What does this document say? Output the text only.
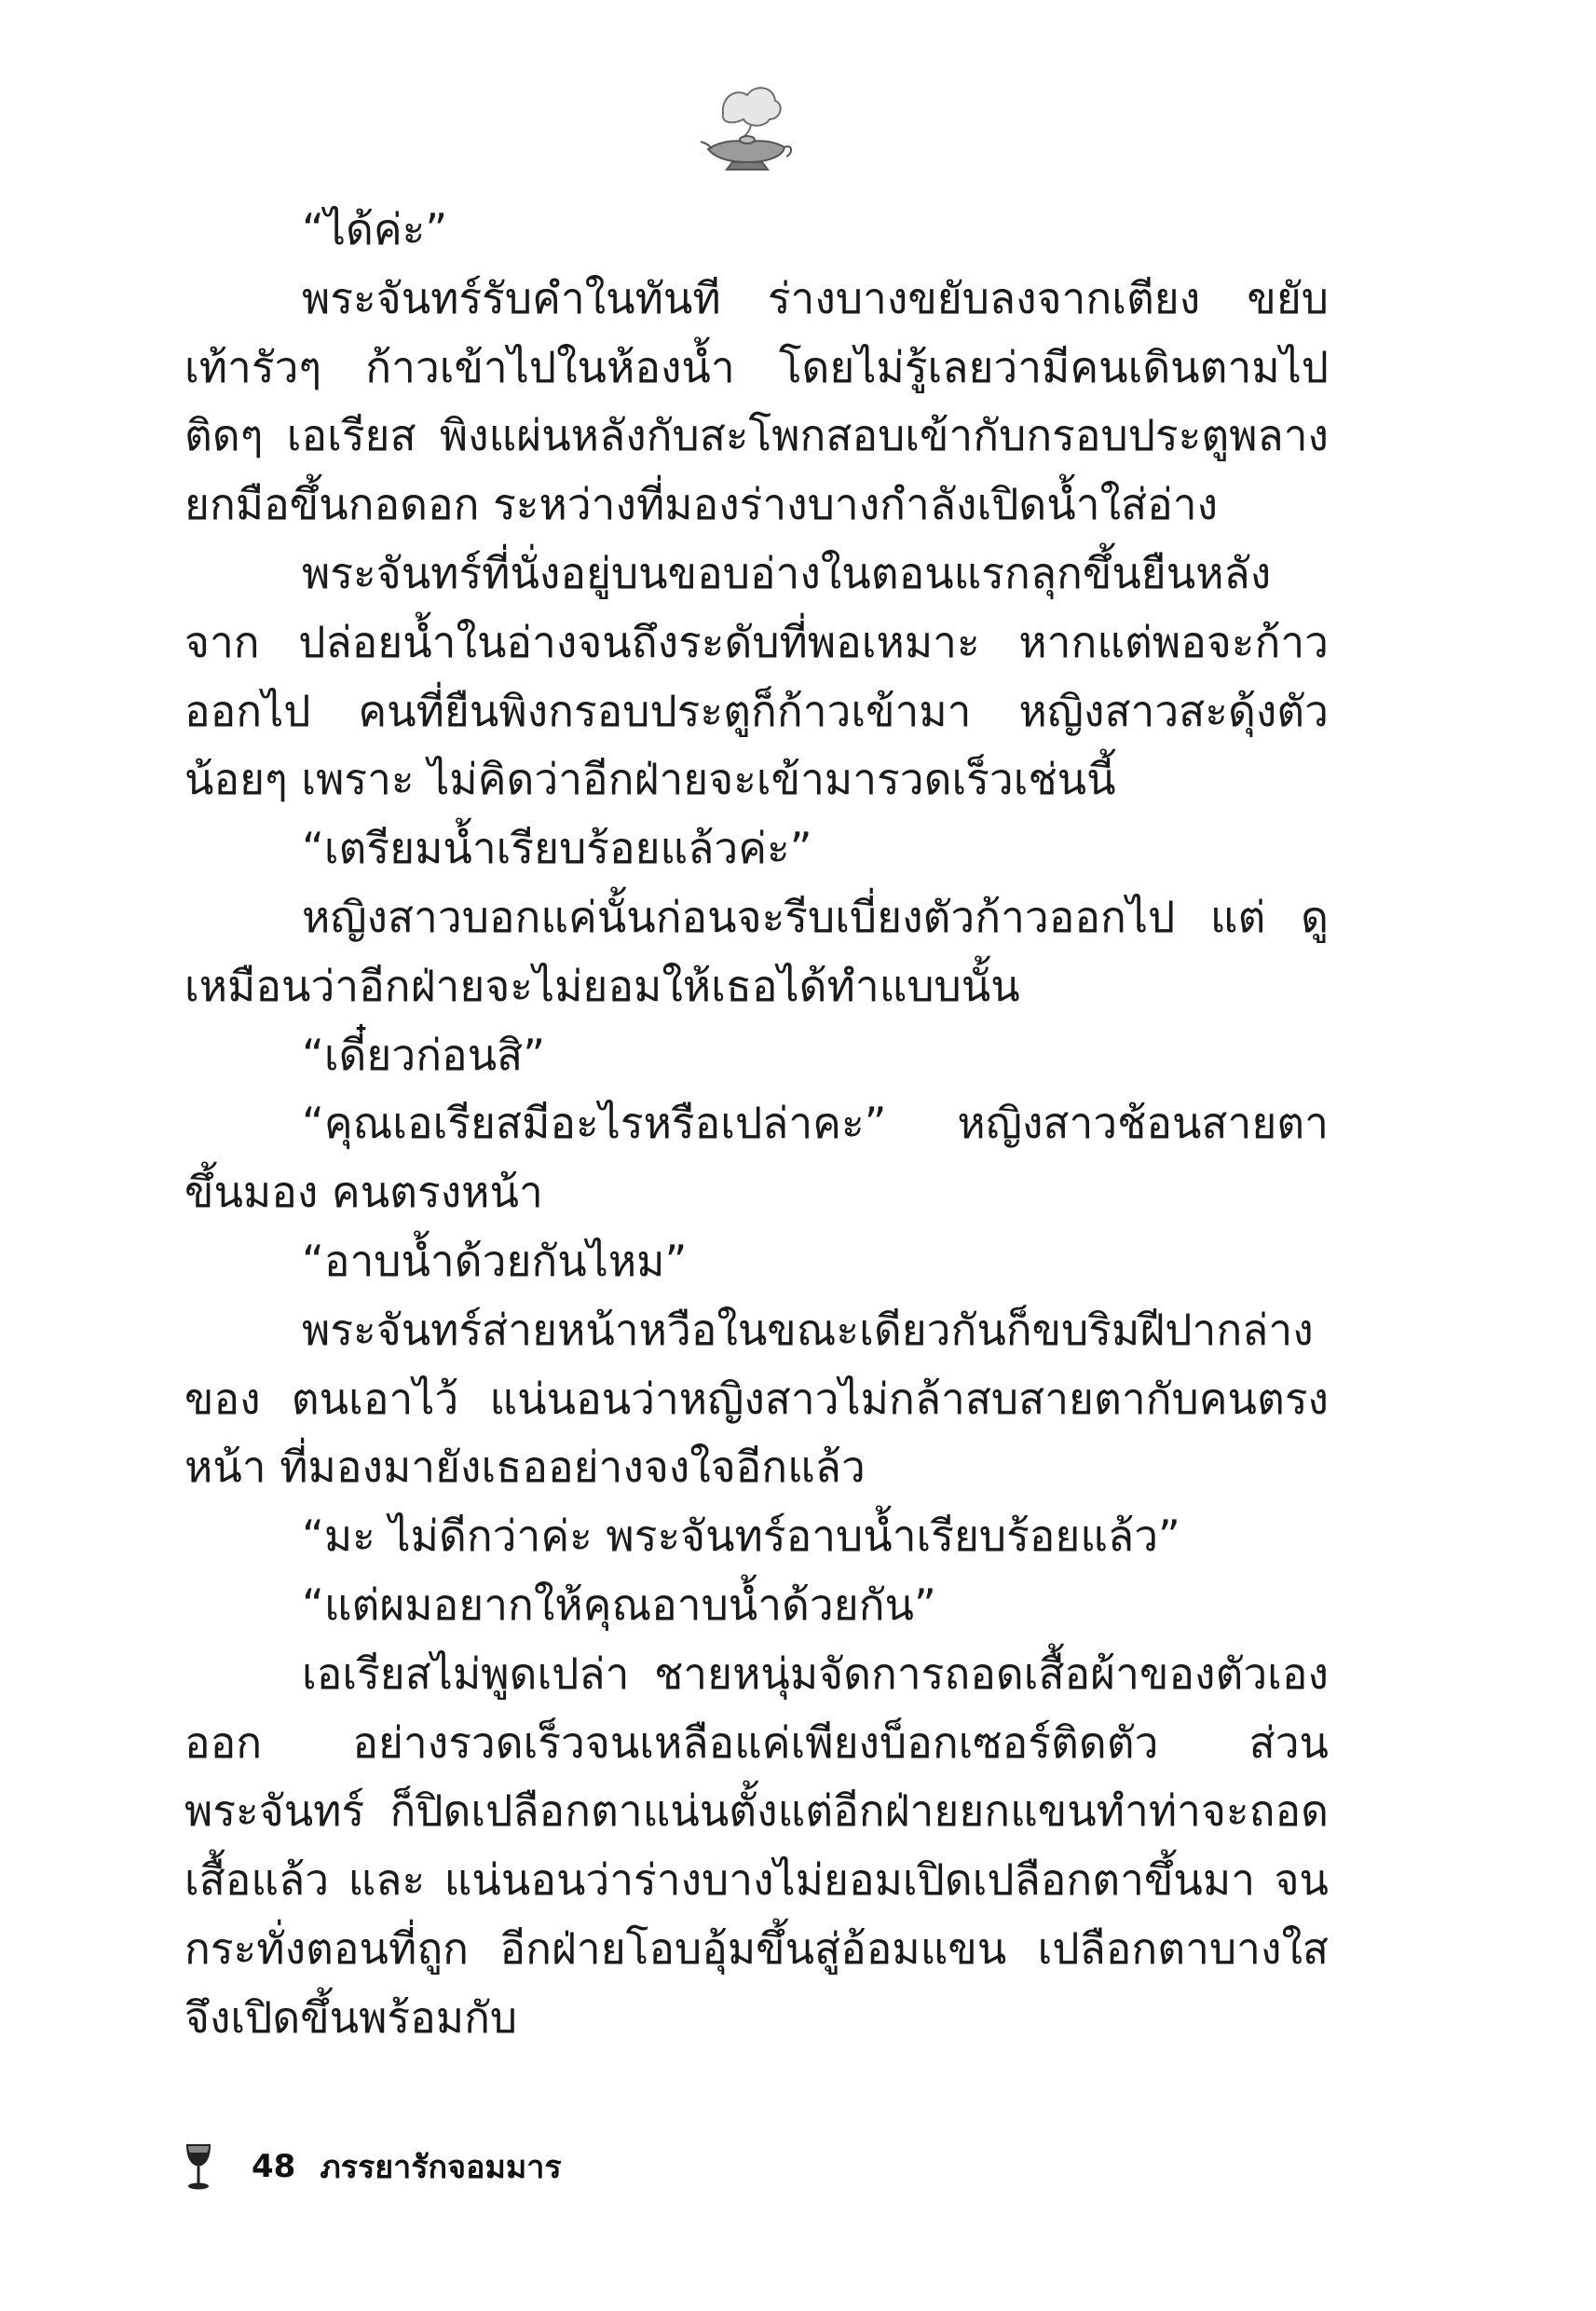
“ได้ค่ะ”

พระจันทร์รับคำในทันที ร่างบางขยับลงจากเตียง ขยับเท้ารัวๆ ก้าวเข้าไปในห้องน้ำ โดยไม่รู้เลยว่ามีคนเดินตามไปติดๆ เอเรียส พิงแผ่นหลังกับสะโพกสอบเข้ากับกรอบประตูพลางยกมือขึ้นกอดอก ระหว่างที่มองร่างบางกำลังเปิดน้ำใส่อ่าง

พระจันทร์ที่นั่งอยู่บนขอบอ่างในตอนแรกลุกขึ้นยืนหลังจาก ปล่อยน้ำในอ่างจนถึงระดับที่พอเหมาะ หากแต่พอจะก้าวออกไป คนที่ยืนพิงกรอบประตูก็ก้าวเข้ามา หญิงสาวสะดุ้งตัวน้อยๆ เพราะ ไม่คิดว่าอีกฝ่ายจะเข้ามารวดเร็วเช่นนี้

“เตรียมน้ำเรียบร้อยแล้วค่ะ”

หญิงสาวบอกแค่นั้นก่อนจะรีบเบี่ยงตัวก้าวออกไป แต่ ดูเหมือนว่าอีกฝ่ายจะไม่ยอมให้เธอได้ทำแบบนั้น

“เดี๋ยวก่อนสิ”

“คุณเอเรียสมีอะไรหรือเปล่าคะ” หญิงสาวช้อนสายตาขึ้นมอง คนตรงหน้า

“อาบน้ำด้วยกันไหม”

พระจันทร์ส่ายหน้าหวือในขณะเดียวกันก็ขบริมฝีปากล่างของ ตนเอาไว้ แน่นอนว่าหญิงสาวไม่กล้าสบสายตากับคนตรงหน้า ที่มองมายังเธออย่างจงใจอีกแล้ว

“มะ ไม่ดีกว่าค่ะ พระจันทร์อาบน้ำเรียบร้อยแล้ว”

“แต่ผมอยากให้คุณอาบน้ำด้วยกัน”

เอเรียสไม่พูดเปล่า ชายหนุ่มจัดการถอดเสื้อผ้าของตัวเองออก อย่างรวดเร็วจนเหลือแค่เพียงบ็อกเซอร์ติดตัว ส่วนพระจันทร์ ก็ปิดเปลือกตาแน่นตั้งแต่อีกฝ่ายยกแขนทำท่าจะถอดเสื้อแล้ว และ แน่นอนว่าร่างบางไม่ยอมเปิดเปลือกตาขึ้นมา จนกระทั่งตอนที่ถูก อีกฝ่ายโอบอุ้มขึ้นสู่อ้อมแขน เปลือกตาบางใสจึงเปิดขึ้นพร้อมกับ

48 ภรรยารักจอมมาร
